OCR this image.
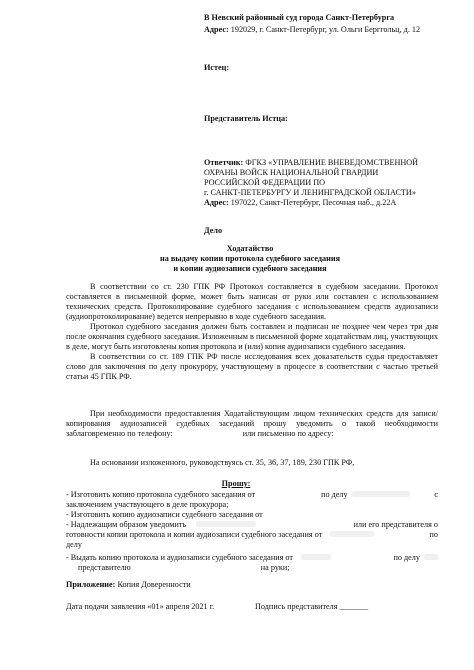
В Невский районный суд города Санкт-Петербурга
Адрес: 192029, г. Санкт-Петербург, ул. Ольги Берггольц, д. 12
Истец:
Представитель Истца:
Ответчик: ФГКЗ «УПРАВЛЕНИЕ ВНЕВЕДОМСТВЕННОЙ
ОХРАНЫ ВОЙСК НАЦИОНАЛЬНОЙ ГВАРДИИ
РОССИЙСКОЙ ФЕДЕРАЦИИ ПО
г. САНКТ-ПЕТЕРБУРГУ И ЛЕНИНГРАДСКОЙ ОБЛАСТИ»
Адрес: 197022, Санкт-Петербург, Песочная наб., д.22А
Дело
Ходатайство
на выдачу копии протокола судебного заседания
и копии аудиозаписи судебного заседания

В соответствии со ст. 230 ГПК РФ Протокол составляется в судебном заседании. Протокол составляется в письменной форме, может быть написан от руки или составлен с использованием технических средств. Протоколирование судебного заседания с использованием средств аудиозаписи (аудиопротоколирование) ведется непрерывно в ходе судебного заседания.

Протокол судебного заседания должен быть составлен и подписан не позднее чем через три дня после окончания судебного заседания. Изложенным в письменной форме ходатайствам лиц, участвующих в деле, могут быть изготовлены копия протокола и (или) копия аудиозаписи судебного заседания.

В соответствии со ст. 189 ГПК РФ после исследования всех доказательств судья предоставляет слово для заключения по делу прокурору, участвующему в процессе в соответствии с частью третьей статьи 45 ГПК РФ.

При необходимости предоставления Ходатайствующим лицом технических средств для записи/копирования аудиозаписей судебных заседаний прошу уведомить о такой необходимости заблаговременно по телефону:	или письменно по адресу:

На основании изложенного, руководствуясь ст. 35, 36, 37, 189, 230 ГПК РФ,
Прошу:
- Изготовить копию протокола судебного заседания от	по делу	с
заключением участвующего в деле прокурора;
- Изготовить копию аудиозаписи судебного заседания от
- Надлежащим образом уведомить	или его представителя о
готовности копии протокола и копии аудиозаписи судебного заседания от	по
делу
- Выдать копию протокола и аудиозаписи судебного заседания от	по делу
представителю	на руки;
Приложение: Копия Доверенности
Дата подачи заявления «01» апреля 2021 г.	Подпись представителя _______
